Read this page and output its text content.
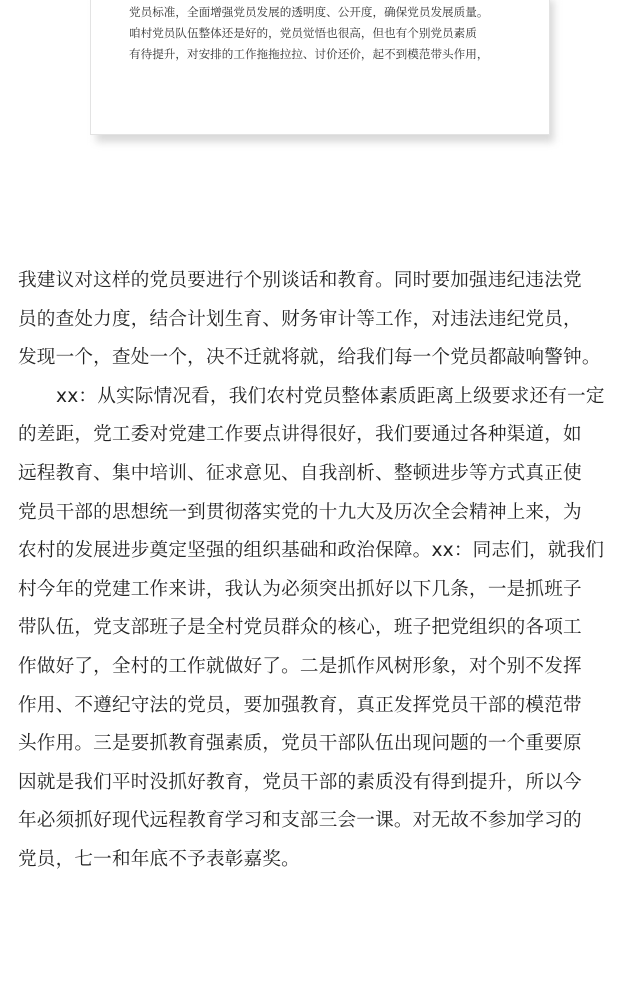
党员标准，全面增强党员发展的透明度、公开度，确保党员发展质量。
咱村党员队伍整体还是好的，党员觉悟也很高，但也有个别党员素质
有待提升，对安排的工作拖拖拉拉、讨价还价，起不到模范带头作用，
我建议对这样的党员要进行个别谈话和教育。同时要加强违纪违法党
员的查处力度，结合计划生育、财务审计等工作，对违法违纪党员，
发现一个，查处一个，决不迁就将就，给我们每一个党员都敲响警钟。
xx：从实际情况看，我们农村党员整体素质距离上级要求还有一定
的差距，党工委对党建工作要点讲得很好，我们要通过各种渠道，如
远程教育、集中培训、征求意见、自我剖析、整顿进步等方式真正使
党员干部的思想统一到贯彻落实党的十九大及历次全会精神上来，为
农村的发展进步奠定坚强的组织基础和政治保障。xx：同志们，就我们
村今年的党建工作来讲，我认为必须突出抓好以下几条，一是抓班子
带队伍，党支部班子是全村党员群众的核心，班子把党组织的各项工
作做好了，全村的工作就做好了。二是抓作风树形象，对个别不发挥
作用、不遵纪守法的党员，要加强教育，真正发挥党员干部的模范带
头作用。三是要抓教育强素质，党员干部队伍出现问题的一个重要原
因就是我们平时没抓好教育，党员干部的素质没有得到提升，所以今
年必须抓好现代远程教育学习和支部三会一课。对无故不参加学习的
党员，七一和年底不予表彰嘉奖。
